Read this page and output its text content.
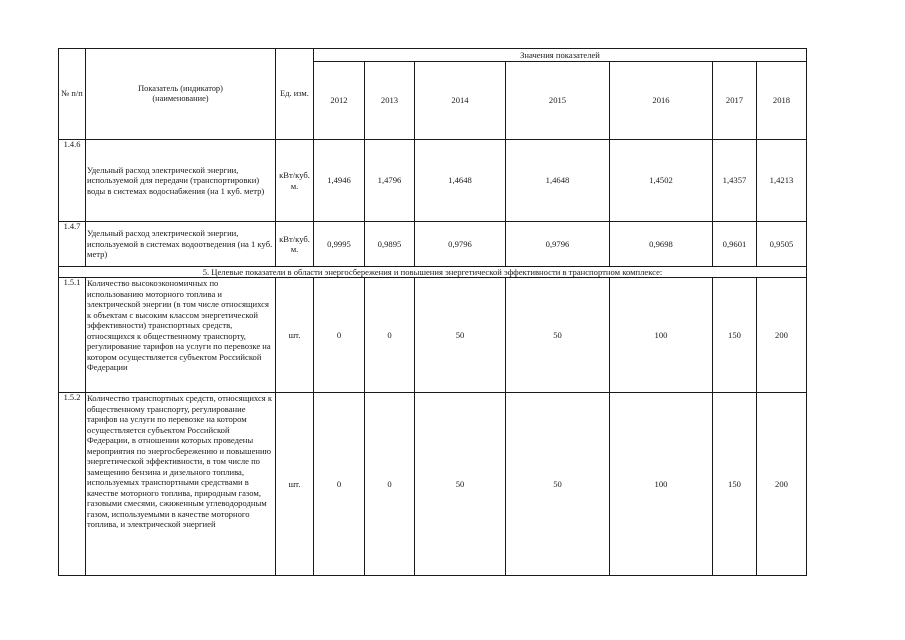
№ п/п	Показатель (индикатор) (наименование)	Ед. изм.	Значения показателей						
			2012	2013	2014	2015	2016	2017	2018
1.4.6	Удельный расход электрической энергии, используемой для передачи (транспортировки) воды в системах водоснабжения (на 1 куб. метр)	кВт/куб. м.	1,4946	1,4796	1,4648	1,4648	1,4502	1,4357	1,4213
1.4.7	Удельный расход электрической энергии, используемой в системах водоотведения (на 1 куб. метр)	кВт/куб. м.	0,9995	0,9895	0,9796	0,9796	0,9698	0,9601	0,9505
5. Целевые показатели в области энергосбережения и повышения энергетической эффективности в транспортном комплексе:									
1.5.1	Количество высокоэкономичных по использованию моторного топлива и электрической энергии (в том числе относящихся к объектам с высоким классом энергетической эффективности) транспортных средств, относящихся к общественному транспорту, регулирование тарифов на услуги по перевозке на котором осуществляется субъектом Российской Федерации	шт.	0	0	50	50	100	150	200
1.5.2	Количество транспортных средств, относящихся к общественному транспорту, регулирование тарифов на услуги по перевозке на котором осуществляется субъектом Российской Федерации, в отношении которых проведены мероприятия по энергосбережению и повышению энергетической эффективности, в том числе по замещению бензина и дизельного топлива, используемых транспортными средствами в качестве моторного топлива, природным газом, газовыми смесями, сжиженным углеводородным газом, используемыми в качестве моторного топлива, и электрической энергией	шт.	0	0	50	50	100	150	200
